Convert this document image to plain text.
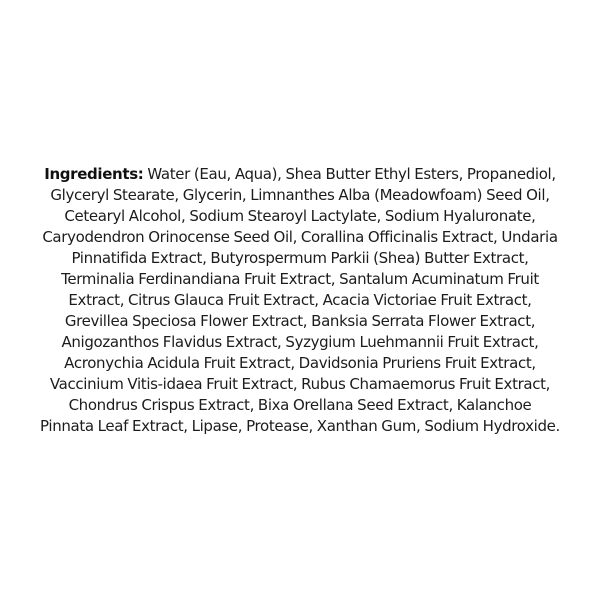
Ingredients: Water (Eau, Aqua), Shea Butter Ethyl Esters, Propanediol, Glyceryl Stearate, Glycerin, Limnanthes Alba (Meadowfoam) Seed Oil, Cetearyl Alcohol, Sodium Stearoyl Lactylate, Sodium Hyaluronate, Caryodendron Orinocense Seed Oil, Corallina Officinalis Extract, Undaria Pinnatifida Extract, Butyrospermum Parkii (Shea) Butter Extract, Terminalia Ferdinandiana Fruit Extract, Santalum Acuminatum Fruit Extract, Citrus Glauca Fruit Extract, Acacia Victoriae Fruit Extract, Grevillea Speciosa Flower Extract, Banksia Serrata Flower Extract, Anigozanthos Flavidus Extract, Syzygium Luehmannii Fruit Extract, Acronychia Acidula Fruit Extract, Davidsonia Pruriens Fruit Extract, Vaccinium Vitis-idaea Fruit Extract, Rubus Chamaemorus Fruit Extract, Chondrus Crispus Extract, Bixa Orellana Seed Extract, Kalanchoe Pinnata Leaf Extract, Lipase, Protease, Xanthan Gum, Sodium Hydroxide.
